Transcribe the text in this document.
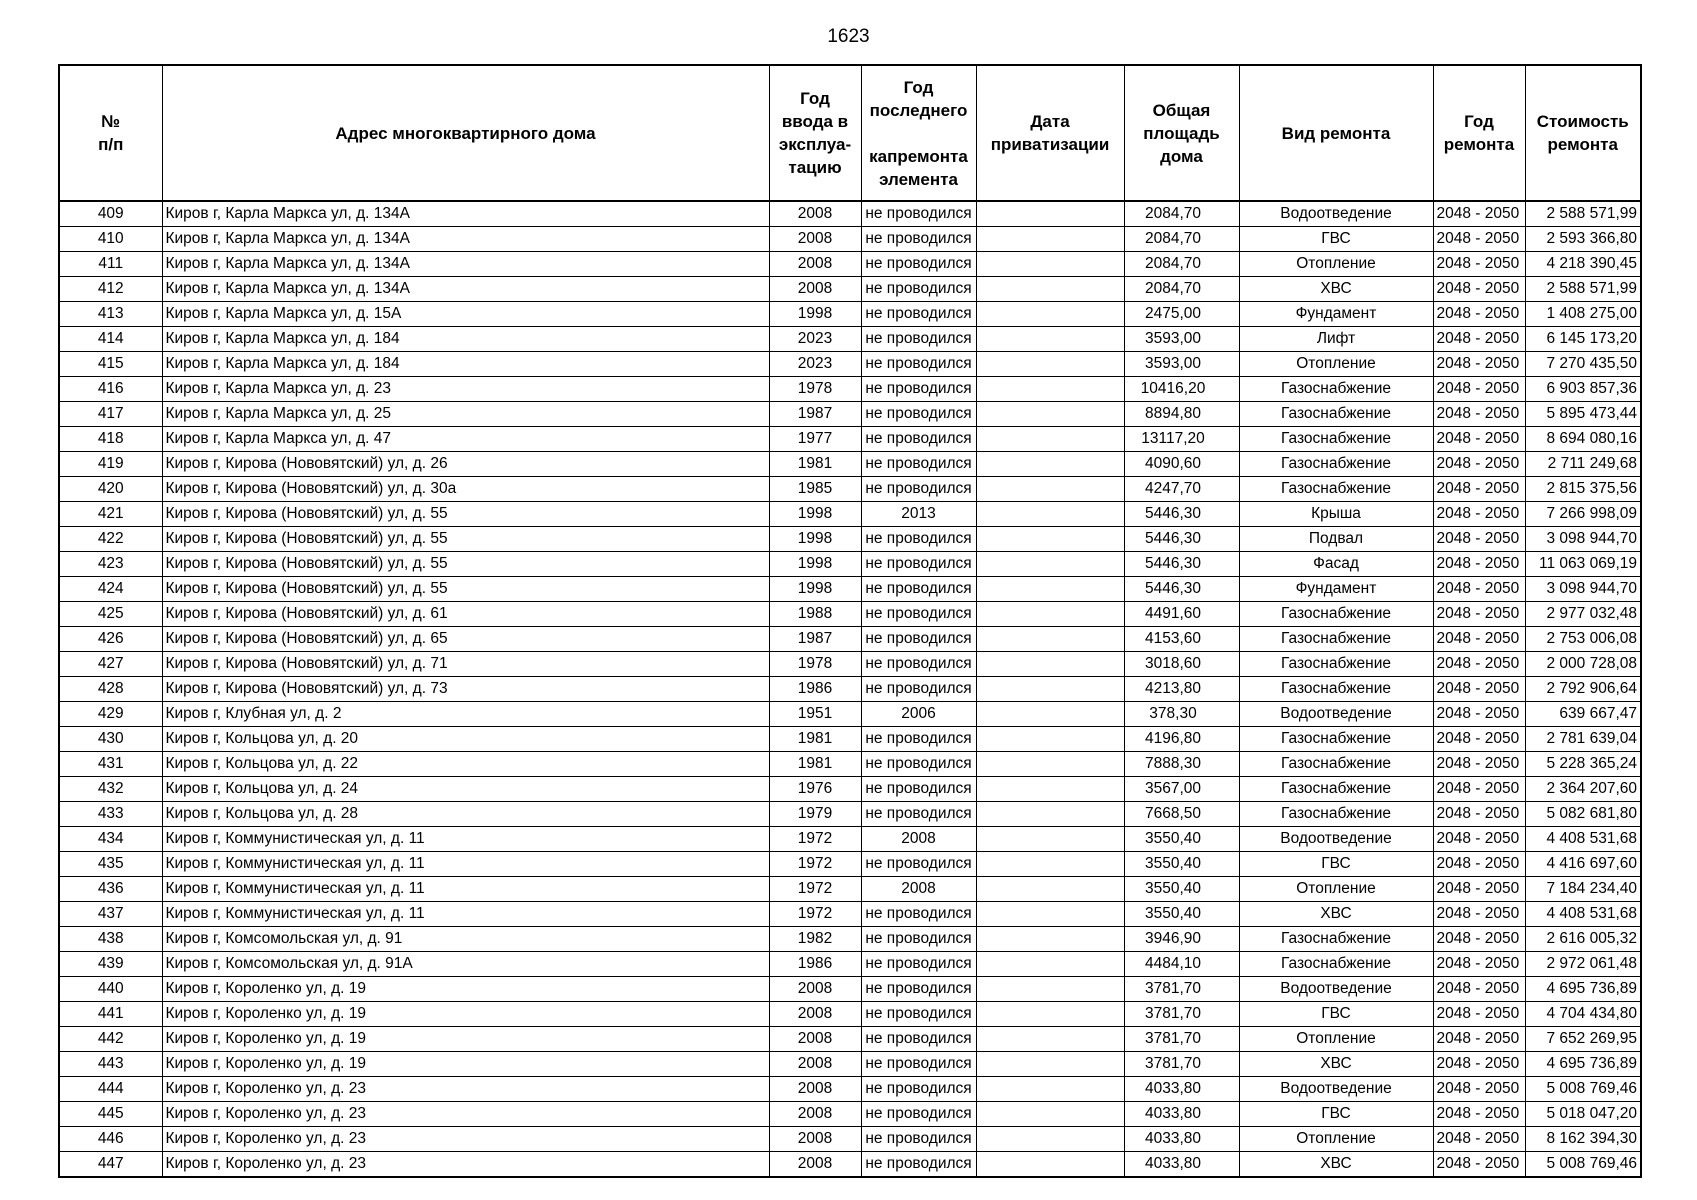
1623
№
п/п	Адрес многоквартирного дома	Год
ввода в
эксплуа-
тацию	Год
последнего

капремонта
элемента	Дата
приватизации	Общая
площадь
дома	Вид ремонта	Год
ремонта	Стоимость
ремонта

409	Киров г, Карла Маркса ул, д. 134А	2008	не проводился		2084,70	Водоотведение	2048 - 2050	2 588 571,99
410	Киров г, Карла Маркса ул, д. 134А	2008	не проводился		2084,70	ГВС	2048 - 2050	2 593 366,80
411	Киров г, Карла Маркса ул, д. 134А	2008	не проводился		2084,70	Отопление	2048 - 2050	4 218 390,45
412	Киров г, Карла Маркса ул, д. 134А	2008	не проводился		2084,70	ХВС	2048 - 2050	2 588 571,99
413	Киров г, Карла Маркса ул, д. 15А	1998	не проводился		2475,00	Фундамент	2048 - 2050	1 408 275,00
414	Киров г, Карла Маркса ул, д. 184	2023	не проводился		3593,00	Лифт	2048 - 2050	6 145 173,20
415	Киров г, Карла Маркса ул, д. 184	2023	не проводился		3593,00	Отопление	2048 - 2050	7 270 435,50
416	Киров г, Карла Маркса ул, д. 23	1978	не проводился		10416,20	Газоснабжение	2048 - 2050	6 903 857,36
417	Киров г, Карла Маркса ул, д. 25	1987	не проводился		8894,80	Газоснабжение	2048 - 2050	5 895 473,44
418	Киров г, Карла Маркса ул, д. 47	1977	не проводился		13117,20	Газоснабжение	2048 - 2050	8 694 080,16
419	Киров г, Кирова (Нововятский) ул, д. 26	1981	не проводился		4090,60	Газоснабжение	2048 - 2050	2 711 249,68
420	Киров г, Кирова (Нововятский) ул, д. 30а	1985	не проводился		4247,70	Газоснабжение	2048 - 2050	2 815 375,56
421	Киров г, Кирова (Нововятский) ул, д. 55	1998	2013		5446,30	Крыша	2048 - 2050	7 266 998,09
422	Киров г, Кирова (Нововятский) ул, д. 55	1998	не проводился		5446,30	Подвал	2048 - 2050	3 098 944,70
423	Киров г, Кирова (Нововятский) ул, д. 55	1998	не проводился		5446,30	Фасад	2048 - 2050	11 063 069,19
424	Киров г, Кирова (Нововятский) ул, д. 55	1998	не проводился		5446,30	Фундамент	2048 - 2050	3 098 944,70
425	Киров г, Кирова (Нововятский) ул, д. 61	1988	не проводился		4491,60	Газоснабжение	2048 - 2050	2 977 032,48
426	Киров г, Кирова (Нововятский) ул, д. 65	1987	не проводился		4153,60	Газоснабжение	2048 - 2050	2 753 006,08
427	Киров г, Кирова (Нововятский) ул, д. 71	1978	не проводился		3018,60	Газоснабжение	2048 - 2050	2 000 728,08
428	Киров г, Кирова (Нововятский) ул, д. 73	1986	не проводился		4213,80	Газоснабжение	2048 - 2050	2 792 906,64
429	Киров г, Клубная ул, д. 2	1951	2006		378,30	Водоотведение	2048 - 2050	639 667,47
430	Киров г, Кольцова ул, д. 20	1981	не проводился		4196,80	Газоснабжение	2048 - 2050	2 781 639,04
431	Киров г, Кольцова ул, д. 22	1981	не проводился		7888,30	Газоснабжение	2048 - 2050	5 228 365,24
432	Киров г, Кольцова ул, д. 24	1976	не проводился		3567,00	Газоснабжение	2048 - 2050	2 364 207,60
433	Киров г, Кольцова ул, д. 28	1979	не проводился		7668,50	Газоснабжение	2048 - 2050	5 082 681,80
434	Киров г, Коммунистическая ул, д. 11	1972	2008		3550,40	Водоотведение	2048 - 2050	4 408 531,68
435	Киров г, Коммунистическая ул, д. 11	1972	не проводился		3550,40	ГВС	2048 - 2050	4 416 697,60
436	Киров г, Коммунистическая ул, д. 11	1972	2008		3550,40	Отопление	2048 - 2050	7 184 234,40
437	Киров г, Коммунистическая ул, д. 11	1972	не проводился		3550,40	ХВС	2048 - 2050	4 408 531,68
438	Киров г, Комсомольская ул, д. 91	1982	не проводился		3946,90	Газоснабжение	2048 - 2050	2 616 005,32
439	Киров г, Комсомольская ул, д. 91А	1986	не проводился		4484,10	Газоснабжение	2048 - 2050	2 972 061,48
440	Киров г, Короленко ул, д. 19	2008	не проводился		3781,70	Водоотведение	2048 - 2050	4 695 736,89
441	Киров г, Короленко ул, д. 19	2008	не проводился		3781,70	ГВС	2048 - 2050	4 704 434,80
442	Киров г, Короленко ул, д. 19	2008	не проводился		3781,70	Отопление	2048 - 2050	7 652 269,95
443	Киров г, Короленко ул, д. 19	2008	не проводился		3781,70	ХВС	2048 - 2050	4 695 736,89
444	Киров г, Короленко ул, д. 23	2008	не проводился		4033,80	Водоотведение	2048 - 2050	5 008 769,46
445	Киров г, Короленко ул, д. 23	2008	не проводился		4033,80	ГВС	2048 - 2050	5 018 047,20
446	Киров г, Короленко ул, д. 23	2008	не проводился		4033,80	Отопление	2048 - 2050	8 162 394,30
447	Киров г, Короленко ул, д. 23	2008	не проводился		4033,80	ХВС	2048 - 2050	5 008 769,46
